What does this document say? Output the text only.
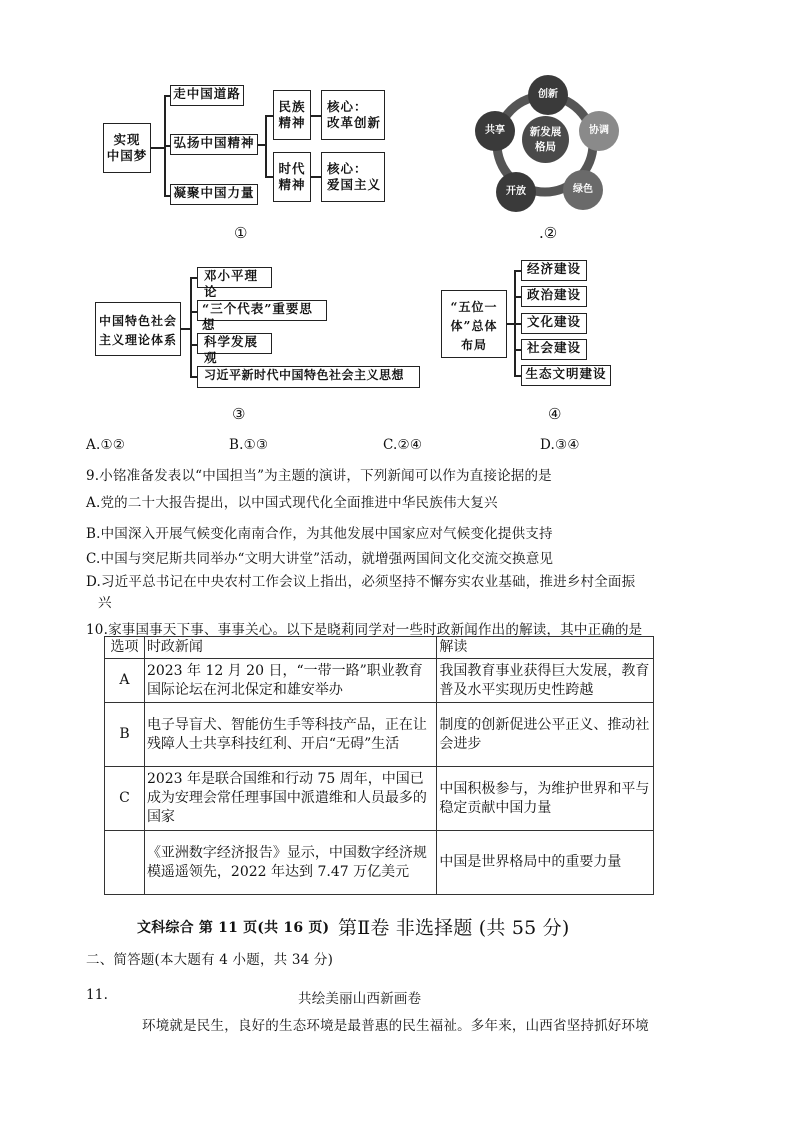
实现
中国梦
走中国道路
弘扬中国精神
凝聚中国力量
民族
精神
时代
精神
核心：
改革创新
核心：
爱国主义
①
新发展
格局
创新
协调
绿色
开放
共享
.②
中国特色社会
主义理论体系
邓小平理论
“三个代表”重要思想
科学发展观
习近平新时代中国特色社会主义思想
③
“五位一
体”总体
布局
经济建设
政治建设
文化建设
社会建设
生态文明建设
④
A.①②	B.①③	C.②④	D.③④
9.小铭准备发表以“中国担当”为主题的演讲，下列新闻可以作为直接论据的是
A.党的二十大报告提出，以中国式现代化全面推进中华民族伟大复兴
B.中国深入开展气候变化南南合作，为其他发展中国家应对气候变化提供支持
C.中国与突尼斯共同举办“文明大讲堂”活动，就增强两国间文化交流交换意见
D.习近平总书记在中央农村工作会议上指出，必须坚持不懈夯实农业基础，推进乡村全面振
兴
10.家事国事天下事、事事关心。以下是晓莉同学对一些时政新闻作出的解读，其中正确的是
选项	时政新闻	解读
A	2023 年 12 月 20 日，“一带一路”职业教育国际论坛在河北保定和雄安举办	我国教育事业获得巨大发展，教育普及水平实现历史性跨越
B	电子导盲犬、智能仿生手等科技产品，正在让残障人士共享科技红利、开启“无碍”生活	制度的创新促进公平正义、推动社会进步
C	2023 年是联合国维和行动 75 周年，中国已成为安理会常任理事国中派遣维和人员最多的国家	中国积极参与，为维护世界和平与稳定贡献中国力量
	《亚洲数字经济报告》显示，中国数字经济规模遥遥领先，2022 年达到 7.47 万亿美元	中国是世界格局中的重要力量
文科综合 第 11 页(共 16 页) 第Ⅱ卷 非选择题 (共 55 分)
二、简答题(本大题有 4 小题，共 34 分)
11.	共绘美丽山西新画卷
环境就是民生，良好的生态环境是最普惠的民生福祉。多年来，山西省坚持抓好环境
